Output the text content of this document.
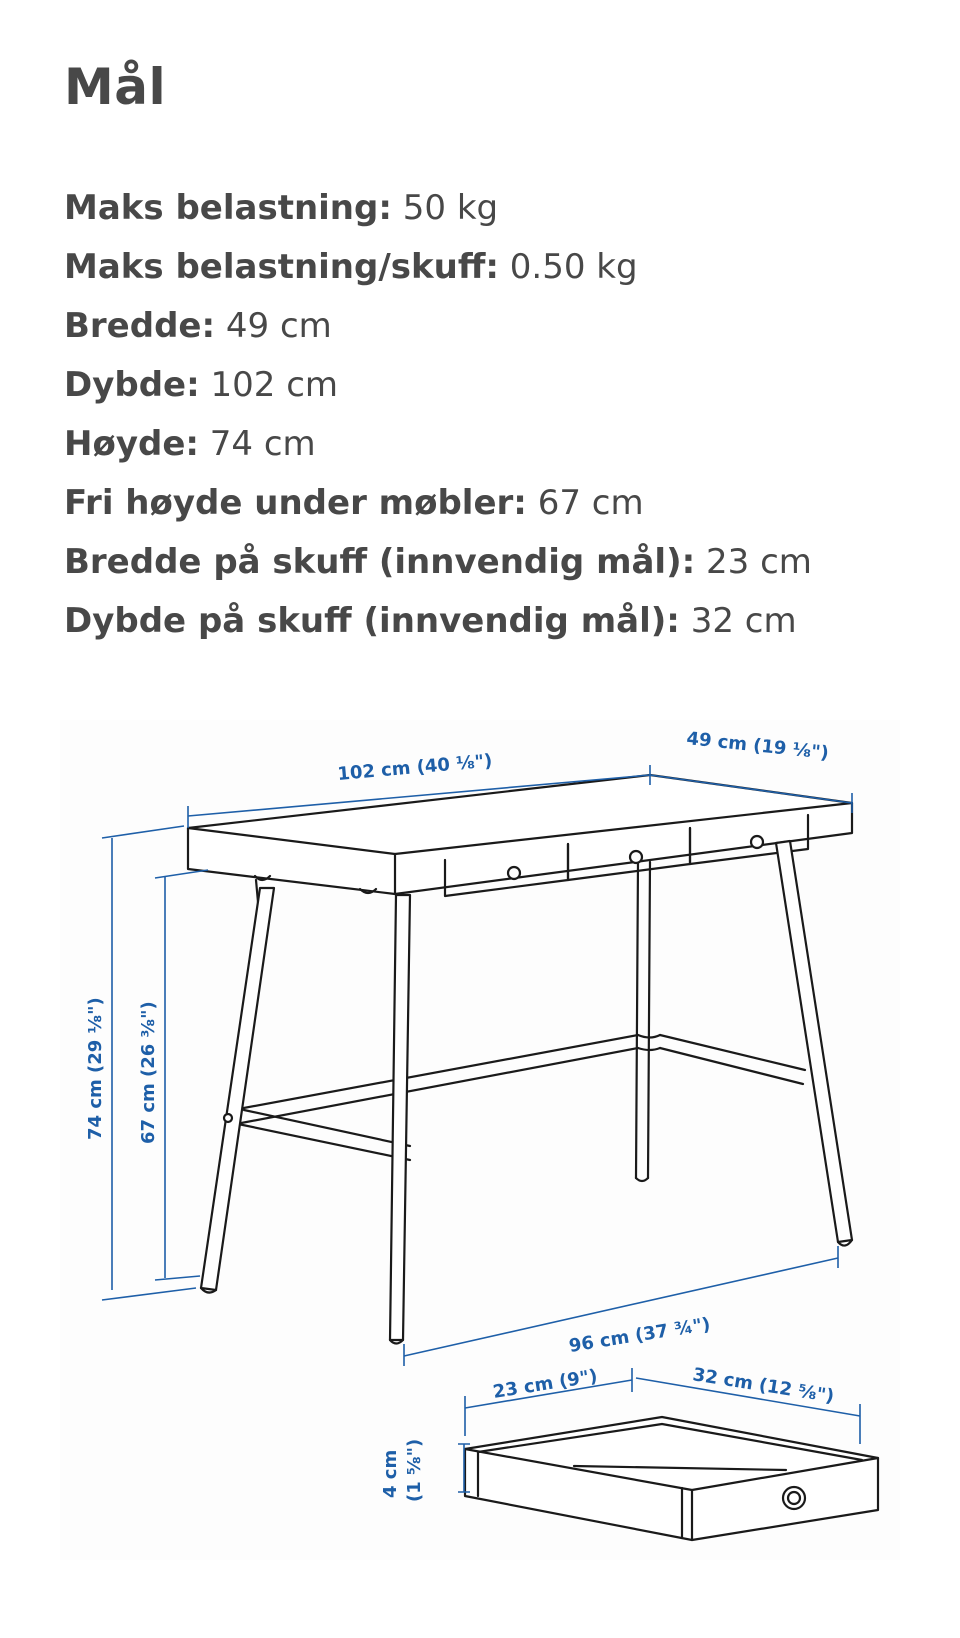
Mål
Maks belastning: 50 kg
Maks belastning/skuff: 0.50 kg
Bredde: 49 cm
Dybde: 102 cm
Høyde: 74 cm
Fri høyde under møbler: 67 cm
Bredde på skuff (innvendig mål): 23 cm
Dybde på skuff (innvendig mål): 32 cm
102 cm (40 ⅛")
49 cm (19 ⅛")
74 cm (29 ⅛") 67 cm (26 ⅜")
96 cm (37 ¾")
23 cm (9")	32 cm (12 ⅝")
4 cm (1 ⅝")
